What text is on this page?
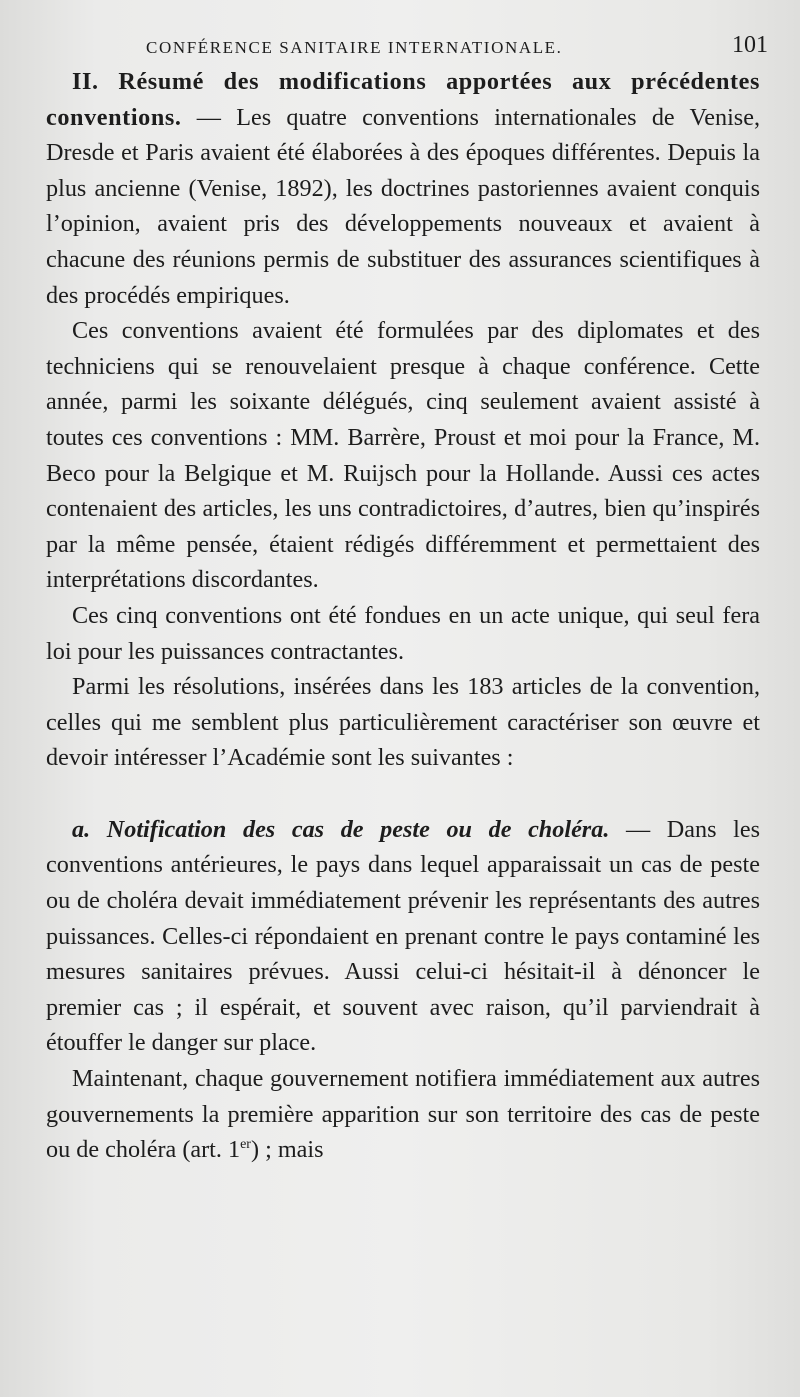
CONFÉRENCE SANITAIRE INTERNATIONALE.	101

II. Résumé des modifications apportées aux précédentes conventions. — Les quatre conventions internationales de Venise, Dresde et Paris avaient été élaborées à des époques différentes. Depuis la plus ancienne (Venise, 1892), les doctrines pastoriennes avaient conquis l’opinion, avaient pris des développements nouveaux et avaient à chacune des réunions permis de substituer des assurances scientifiques à des procédés empiriques.

Ces conventions avaient été formulées par des diplomates et des techniciens qui se renouvelaient presque à chaque conférence. Cette année, parmi les soixante délégués, cinq seulement avaient assisté à toutes ces conventions : MM. Barrère, Proust et moi pour la France, M. Beco pour la Belgique et M. Ruijsch pour la Hollande. Aussi ces actes contenaient des articles, les uns contradictoires, d’autres, bien qu’inspirés par la même pensée, étaient rédigés différemment et permettaient des interprétations discordantes.

Ces cinq conventions ont été fondues en un acte unique, qui seul fera loi pour les puissances contractantes.

Parmi les résolutions, insérées dans les 183 articles de la convention, celles qui me semblent plus particulièrement caractériser son œuvre et devoir intéresser l’Académie sont les suivantes :

a. Notification des cas de peste ou de choléra. — Dans les conventions antérieures, le pays dans lequel apparaissait un cas de peste ou de choléra devait immédiatement prévenir les représentants des autres puissances. Celles-ci répondaient en prenant contre le pays contaminé les mesures sanitaires prévues. Aussi celui-ci hésitait-il à dénoncer le premier cas ; il espérait, et souvent avec raison, qu’il parviendrait à étouffer le danger sur place.

Maintenant, chaque gouvernement notifiera immédiatement aux autres gouvernements la première apparition sur son territoire des cas de peste ou de choléra (art. 1er) ; mais
